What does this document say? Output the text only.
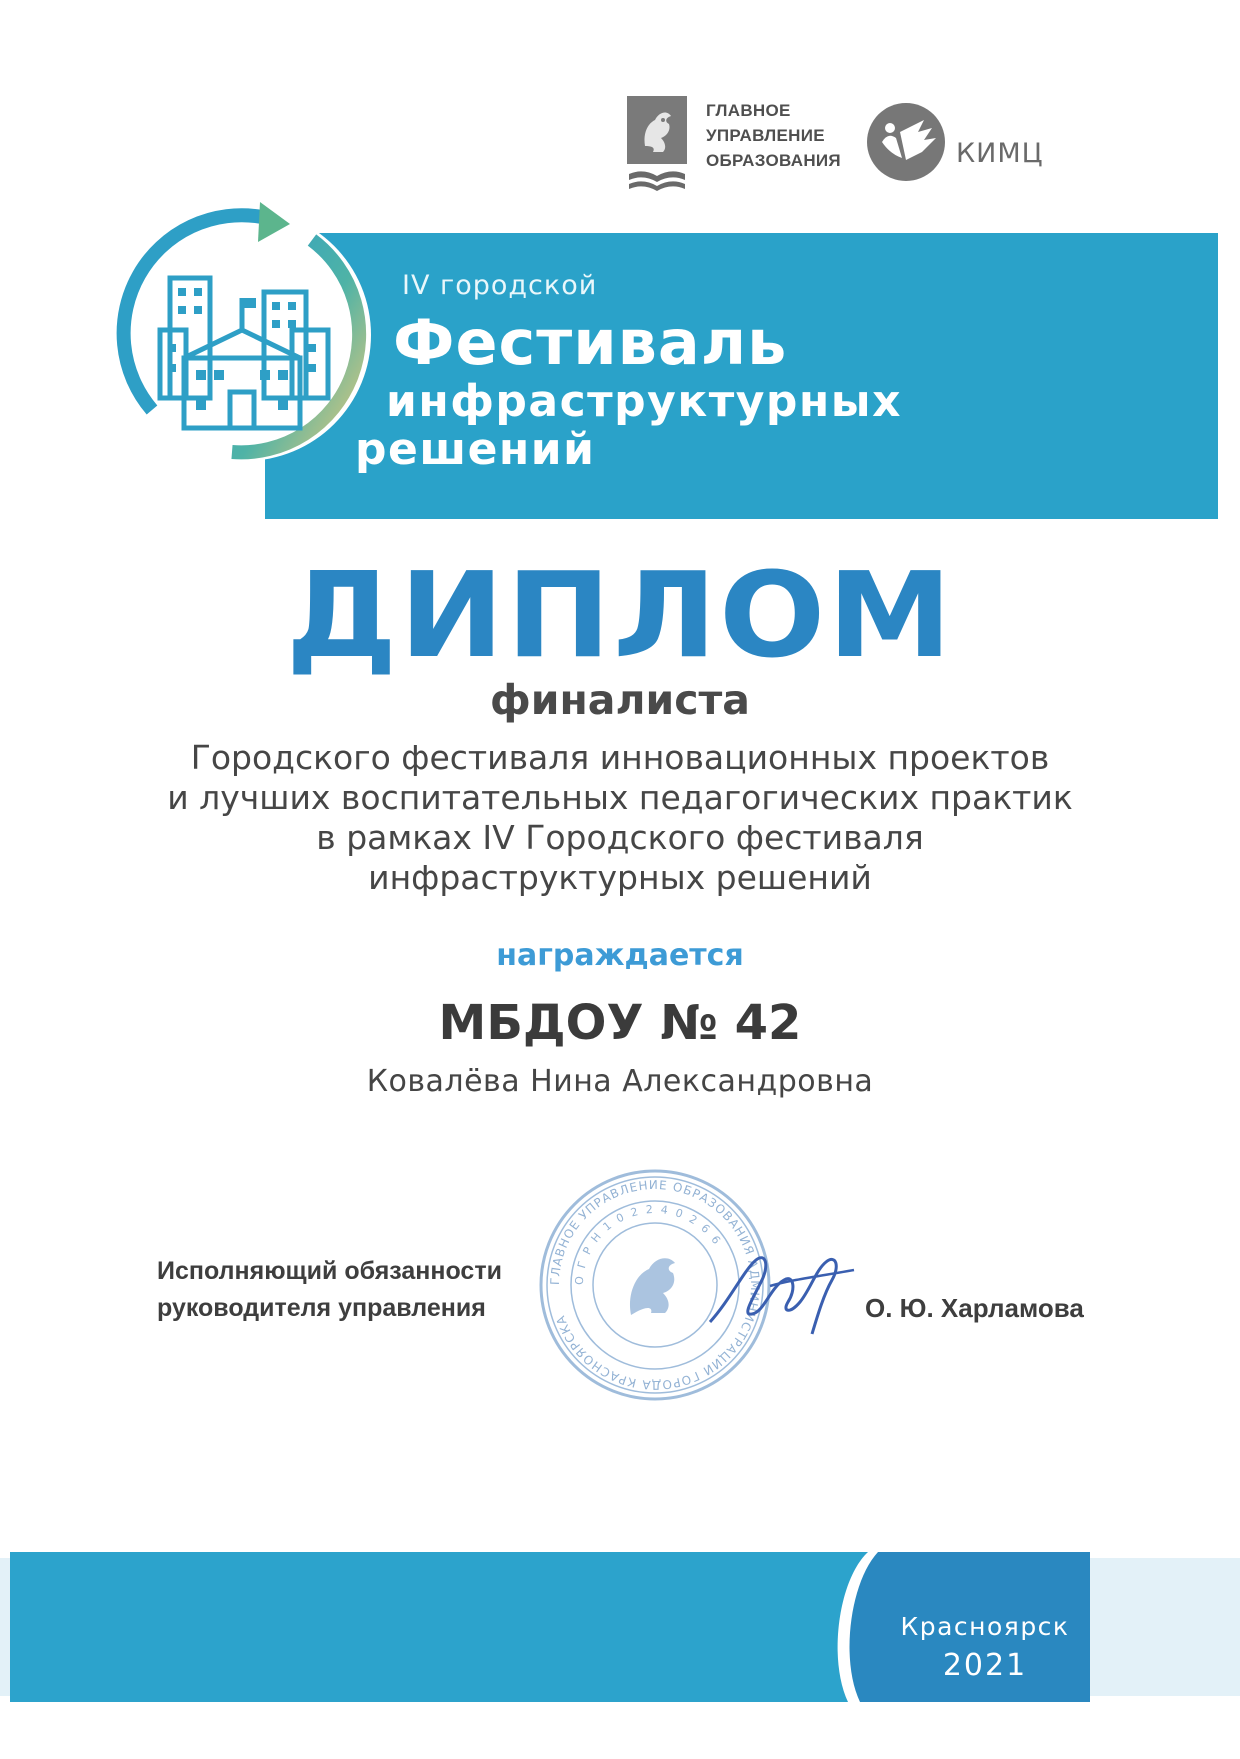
ГЛАВНОЕ
УПРАВЛЕНИЕ
ОБРАЗОВАНИЯ	КИМЦ
IV городской
Фестиваль
инфраструктурных
решений
ДИПЛОМ
финалиста
Городского фестиваля инновационных проектов
и лучших воспитательных педагогических практик
в рамках IV Городского фестиваля
инфраструктурных решений
награждается
МБДОУ № 42
Ковалёва Нина Александровна
Исполняющий обязанности
руководителя управления
ГЛАВНОЕ УПРАВЛЕНИЕ ОБРАЗОВАНИЯ АДМИНИСТРАЦИИ ГОРОДА КРАСНОЯРСКА
О Г Р Н 1 0 2 2 4 0 2 6 6
О. Ю. Харламова
Красноярск
2021
